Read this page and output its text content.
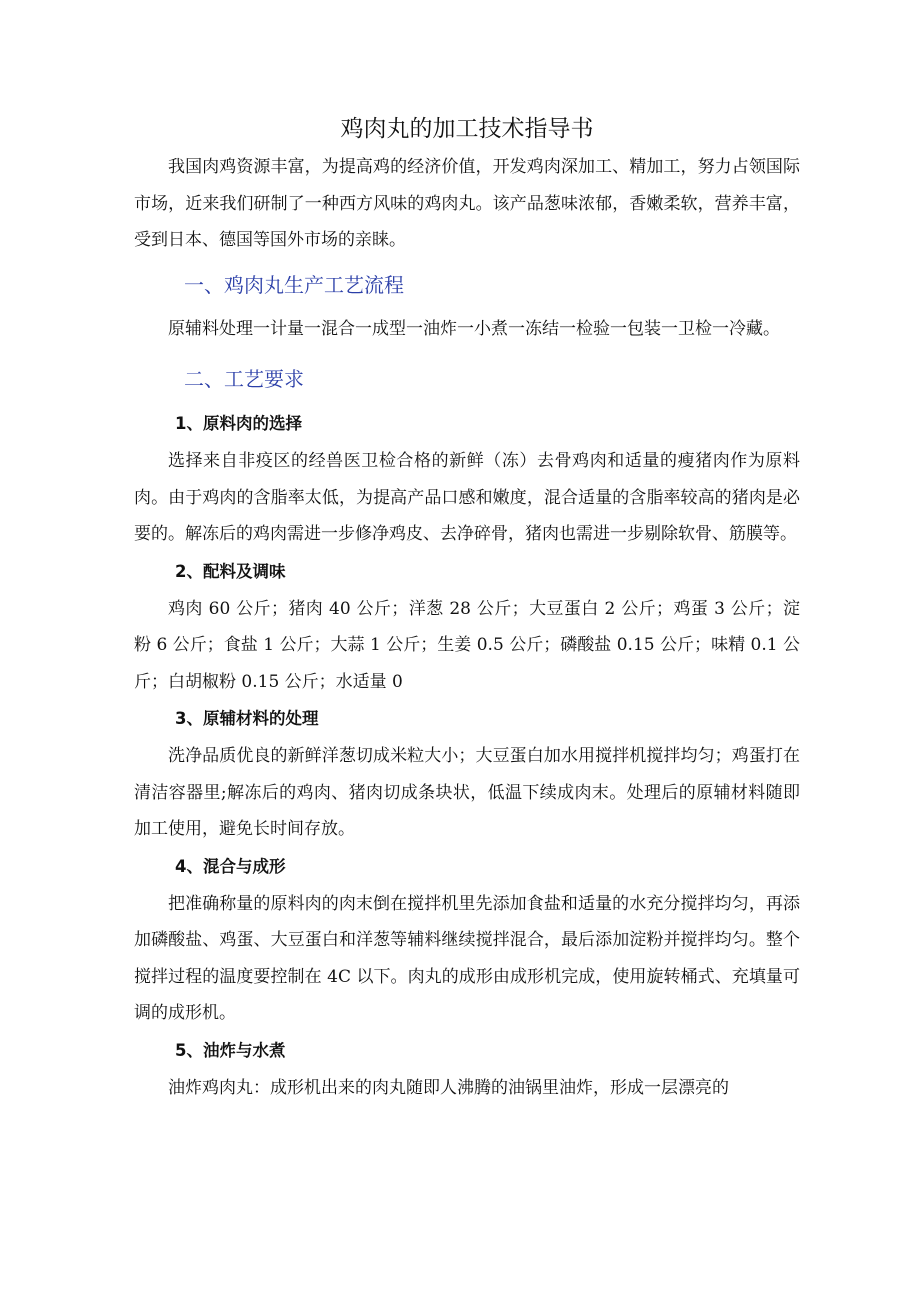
鸡肉丸的加工技术指导书

我国肉鸡资源丰富，为提高鸡的经济价值，开发鸡肉深加工、精加工，努力占领国际市场，近来我们研制了一种西方风味的鸡肉丸。该产品葱味浓郁，香嫩柔软，营养丰富，受到日本、德国等国外市场的亲睐。

一、鸡肉丸生产工艺流程

原辅料处理一计量一混合一成型一油炸一小煮一冻结一检验一包装一卫检一冷藏。

二、工艺要求
1、原料肉的选择

选择来自非疫区的经兽医卫检合格的新鲜（冻）去骨鸡肉和适量的瘦猪肉作为原料肉。由于鸡肉的含脂率太低，为提高产品口感和嫩度，混合适量的含脂率较高的猪肉是必要的。解冻后的鸡肉需进一步修净鸡皮、去净碎骨，猪肉也需进一步剔除软骨、筋膜等。

2、配料及调味

鸡肉 60 公斤；猪肉 40 公斤；洋葱 28 公斤；大豆蛋白 2 公斤；鸡蛋 3 公斤；淀粉 6 公斤；食盐 1 公斤；大蒜 1 公斤；生姜 0.5 公斤；磷酸盐 0.15 公斤；味精 0.1 公斤；白胡椒粉 0.15 公斤；水适量 0

3、原辅材料的处理

洗净品质优良的新鲜洋葱切成米粒大小；大豆蛋白加水用搅拌机搅拌均匀；鸡蛋打在清洁容器里;解冻后的鸡肉、猪肉切成条块状，低温下续成肉末。处理后的原辅材料随即加工使用，避免长时间存放。

4、混合与成形

把准确称量的原料肉的肉末倒在搅拌机里先添加食盐和适量的水充分搅拌均匀，再添加磷酸盐、鸡蛋、大豆蛋白和洋葱等辅料继续搅拌混合，最后添加淀粉并搅拌均匀。整个搅拌过程的温度要控制在 4C 以下。肉丸的成形由成形机完成，使用旋转桶式、充填量可调的成形机。

5、油炸与水煮

油炸鸡肉丸：成形机出来的肉丸随即人沸腾的油锅里油炸，形成一层漂亮的
